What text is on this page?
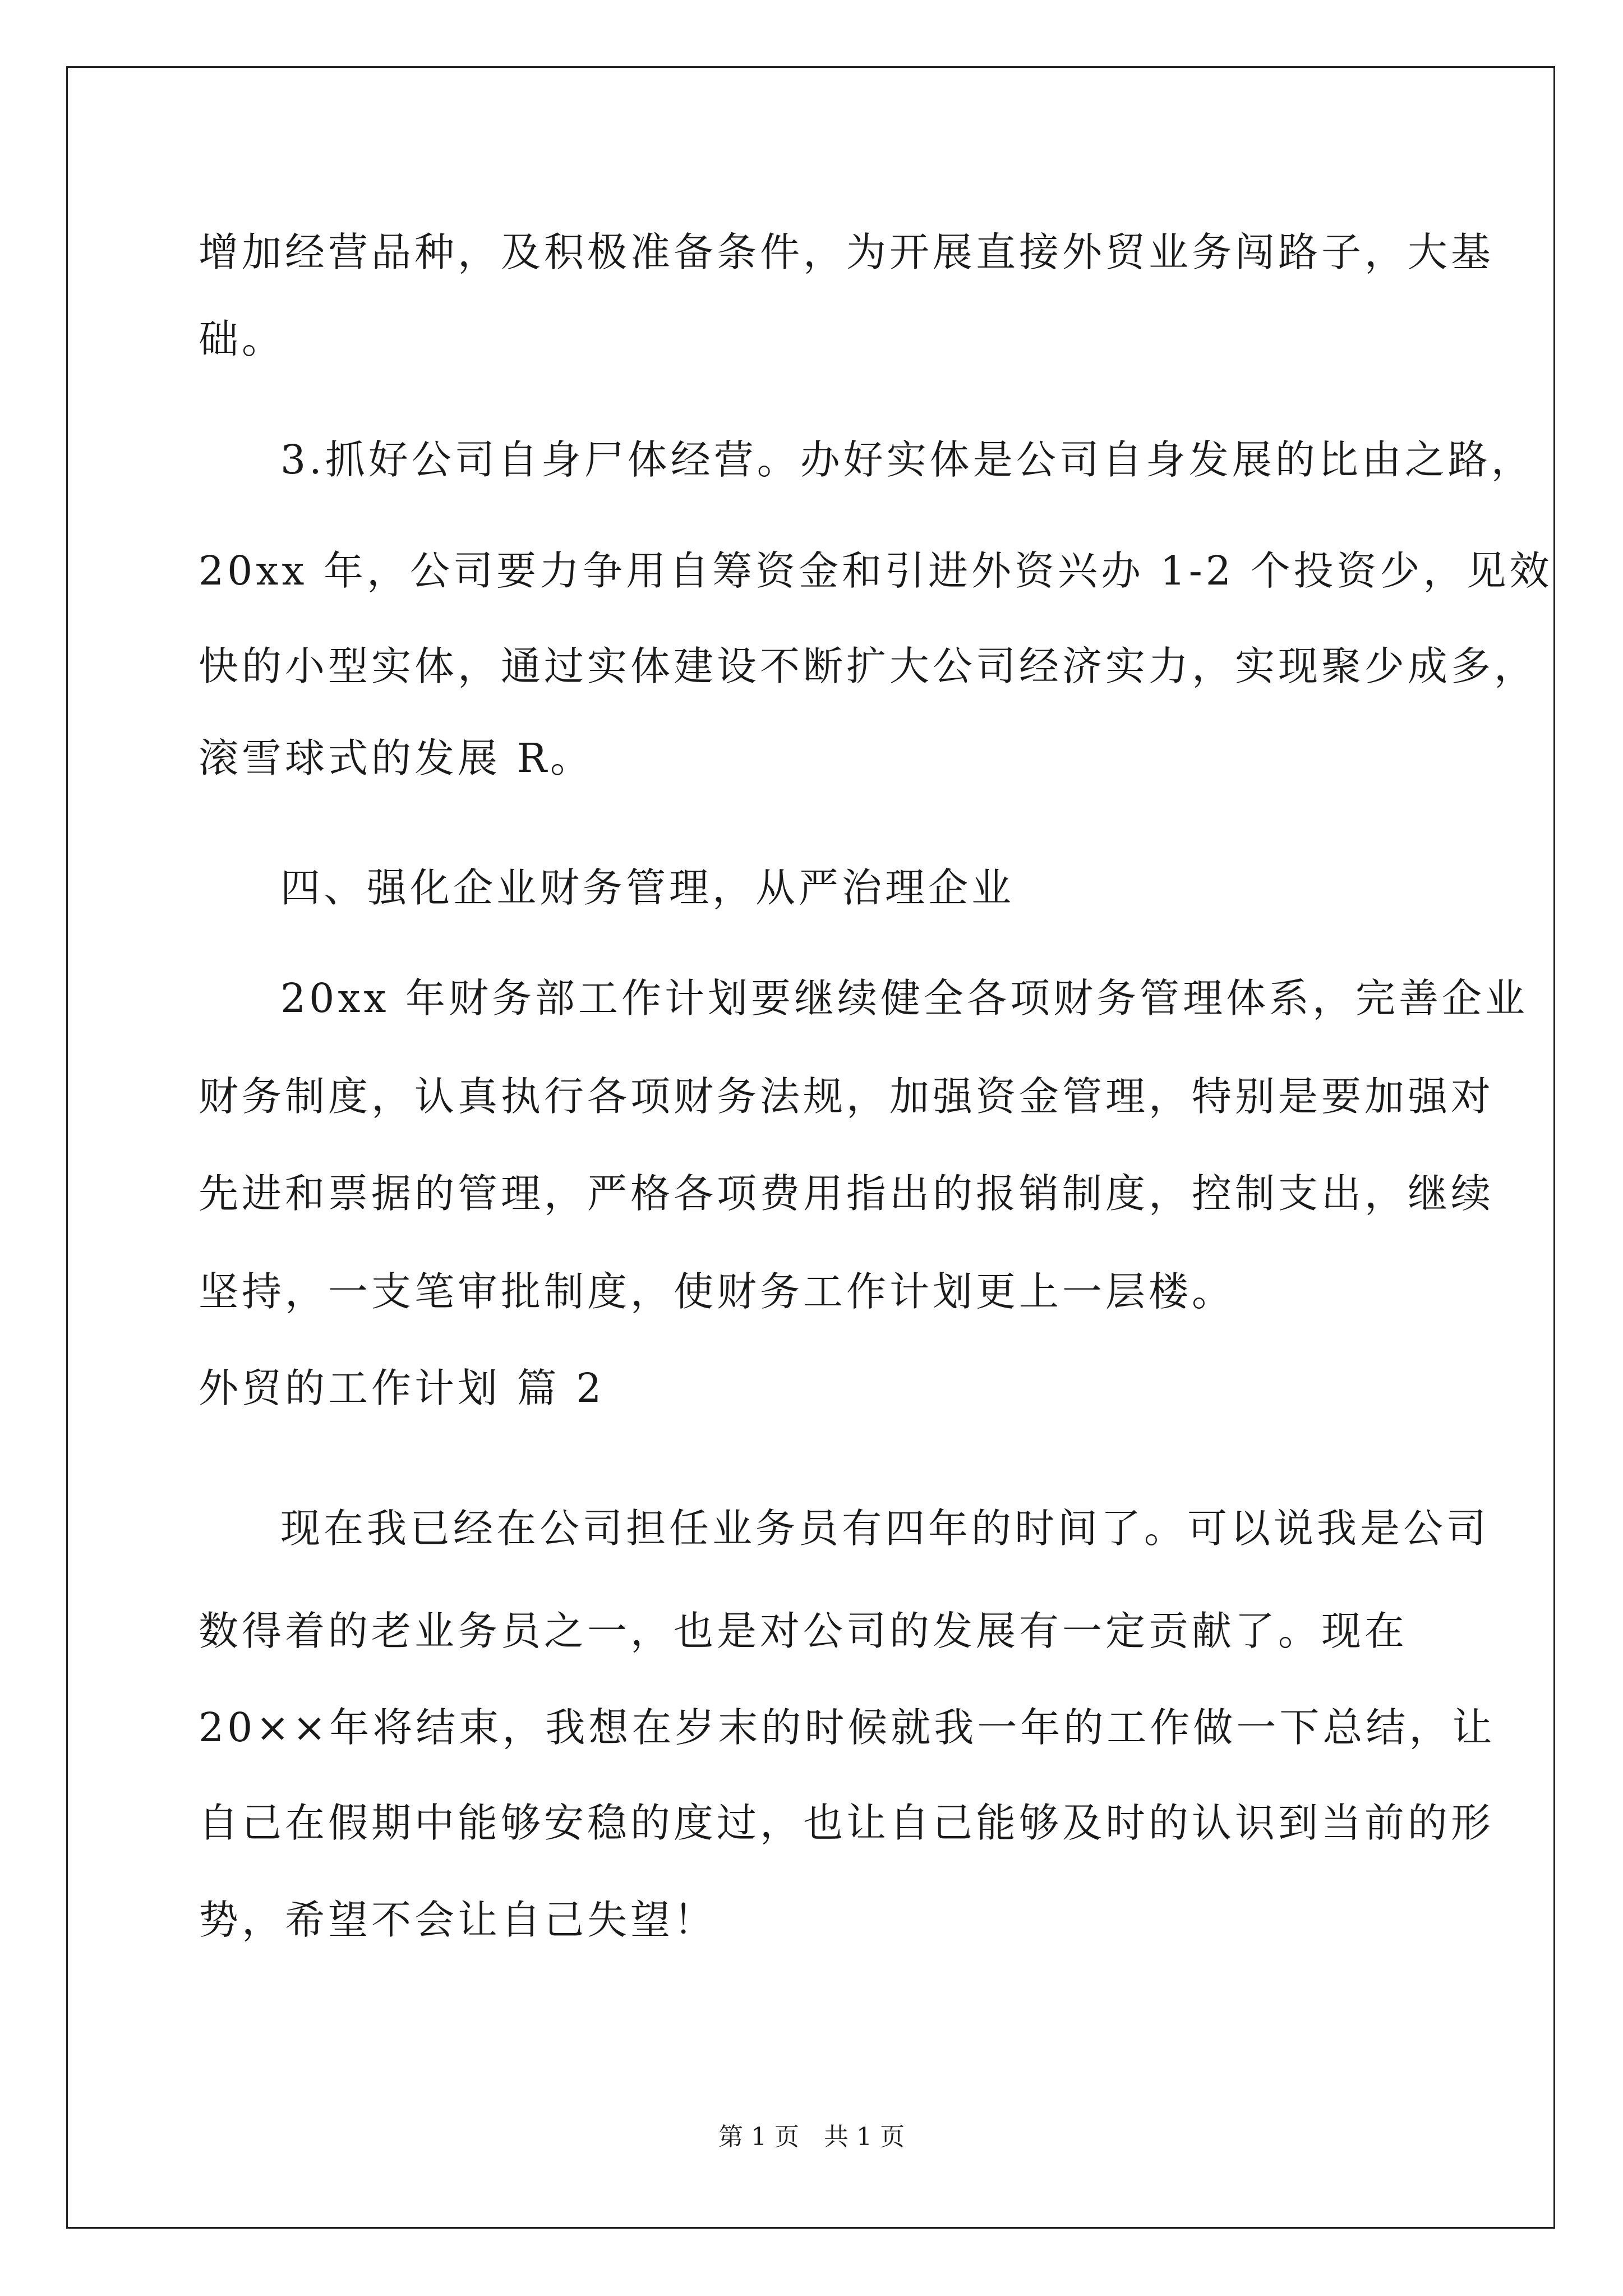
增加经营品种，及积极准备条件，为开展直接外贸业务闯路子，大基
础。
3.抓好公司自身尸体经营。办好实体是公司自身发展的比由之路，
20xx 年，公司要力争用自筹资金和引进外资兴办 1-2 个投资少，见效
快的小型实体，通过实体建设不断扩大公司经济实力，实现聚少成多，
滚雪球式的发展 R。
四、强化企业财务管理，从严治理企业
20xx 年财务部工作计划要继续健全各项财务管理体系，完善企业
财务制度，认真执行各项财务法规，加强资金管理，特别是要加强对
先进和票据的管理，严格各项费用指出的报销制度，控制支出，继续
坚持，一支笔审批制度，使财务工作计划更上一层楼。
外贸的工作计划 篇 2
现在我已经在公司担任业务员有四年的时间了。可以说我是公司
数得着的老业务员之一，也是对公司的发展有一定贡献了。现在
20××年将结束，我想在岁末的时候就我一年的工作做一下总结，让
自己在假期中能够安稳的度过，也让自己能够及时的认识到当前的形
势，希望不会让自己失望！
第 1 页　共 1 页
